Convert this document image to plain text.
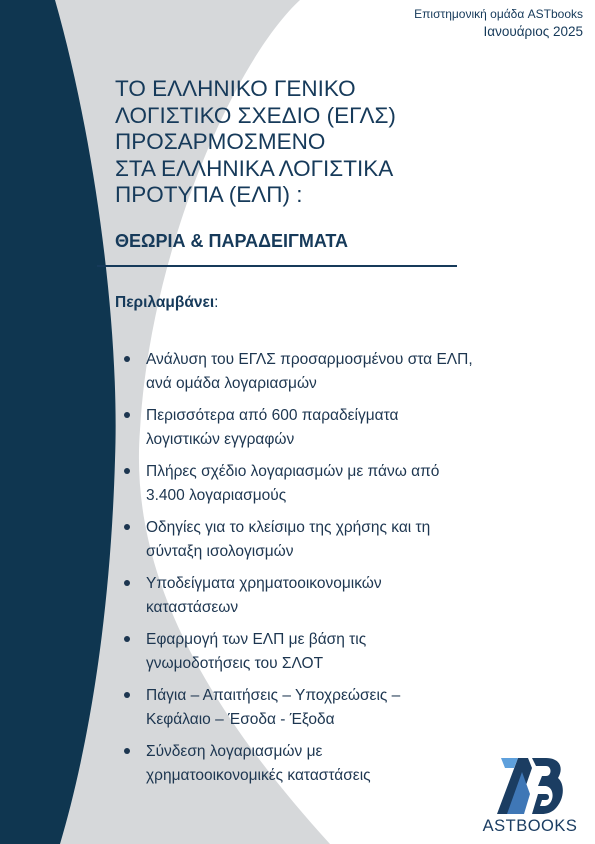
Επιστημονική ομάδα ASTbooks
Ιανουάριος 2025
ΤΟ ΕΛΛΗΝΙΚΟ ΓΕΝΙΚΟ
ΛΟΓΙΣΤΙΚΟ ΣΧΕΔΙΟ (ΕΓΛΣ)
ΠΡΟΣΑΡΜΟΣΜΕΝΟ
ΣΤΑ ΕΛΛΗΝΙΚΑ ΛΟΓΙΣΤΙΚΑ
ΠΡΟΤΥΠΑ (ΕΛΠ) :
ΘΕΩΡΙΑ & ΠΑΡΑΔΕΙΓΜΑΤΑ
Περιλαμβάνει:
Ανάλυση του ΕΓΛΣ προσαρμοσμένου στα ΕΛΠ,
ανά ομάδα λογαριασμών
Περισσότερα από 600 παραδείγματα
λογιστικών εγγραφών
Πλήρες σχέδιο λογαριασμών με πάνω από
3.400 λογαριασμούς
Οδηγίες για το κλείσιμο της χρήσης και τη
σύνταξη ισολογισμών
Υποδείγματα χρηματοοικονομικών
καταστάσεων
Εφαρμογή των ΕΛΠ με βάση τις
γνωμοδοτήσεις του ΣΛΟΤ
Πάγια – Απαιτήσεις – Υποχρεώσεις –
Κεφάλαιο – Έσοδα - Έξοδα
Σύνδεση λογαριασμών με
χρηματοοικονομικές καταστάσεις
ASTBOOKS
